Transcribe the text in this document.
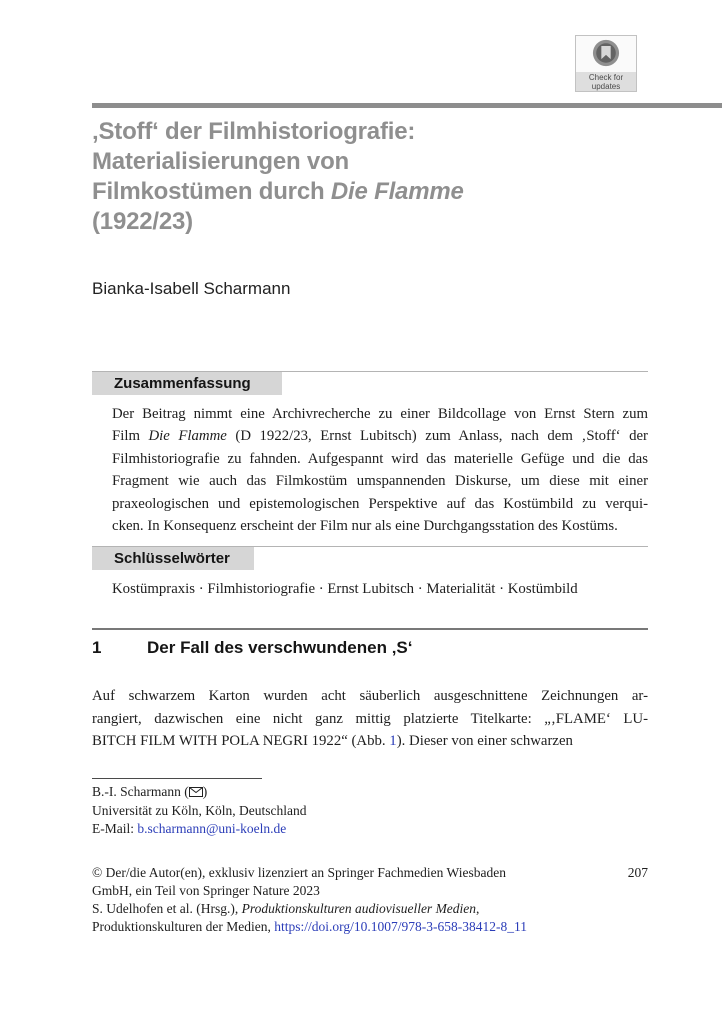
Check for
updates
‚Stoff‘ der Filmhistoriografie:
Materialisierungen von
Filmkostümen durch Die Flamme
(1922/23)
Bianka-Isabell Scharmann
Zusammenfassung
Der Beitrag nimmt eine Archivrecherche zu einer Bildcollage von Ernst Stern zum
Film Die Flamme (D 1922/23, Ernst Lubitsch) zum Anlass, nach dem ‚Stoff‘ der
Filmhistoriografie zu fahnden. Aufgespannt wird das materielle Gefüge und die das
Fragment wie auch das Filmkostüm umspannenden Diskurse, um diese mit einer
praxeologischen und epistemologischen Perspektive auf das Kostümbild zu verqui-
cken. In Konsequenz erscheint der Film nur als eine Durchgangsstation des Kostüms.
Schlüsselwörter
Kostümpraxis · Filmhistoriografie · Ernst Lubitsch · Materialität · Kostümbild
1	Der Fall des verschwundenen ‚S‘
Auf schwarzem Karton wurden acht säuberlich ausgeschnittene Zeichnungen ar-
rangiert, dazwischen eine nicht ganz mittig platzierte Titelkarte: „‚FLAME‘ LU-
BITCH FILM WITH POLA NEGRI 1922“ (Abb. 1). Dieser von einer schwarzen
B.-I. Scharmann ( )
Universität zu Köln, Köln, Deutschland
E-Mail: b.scharmann@uni-koeln.de
© Der/die Autor(en), exklusiv lizenziert an Springer Fachmedien Wiesbaden	207
GmbH, ein Teil von Springer Nature 2023
S. Udelhofen et al. (Hrsg.), Produktionskulturen audiovisueller Medien,
Produktionskulturen der Medien, https://doi.org/10.1007/978-3-658-38412-8_11
